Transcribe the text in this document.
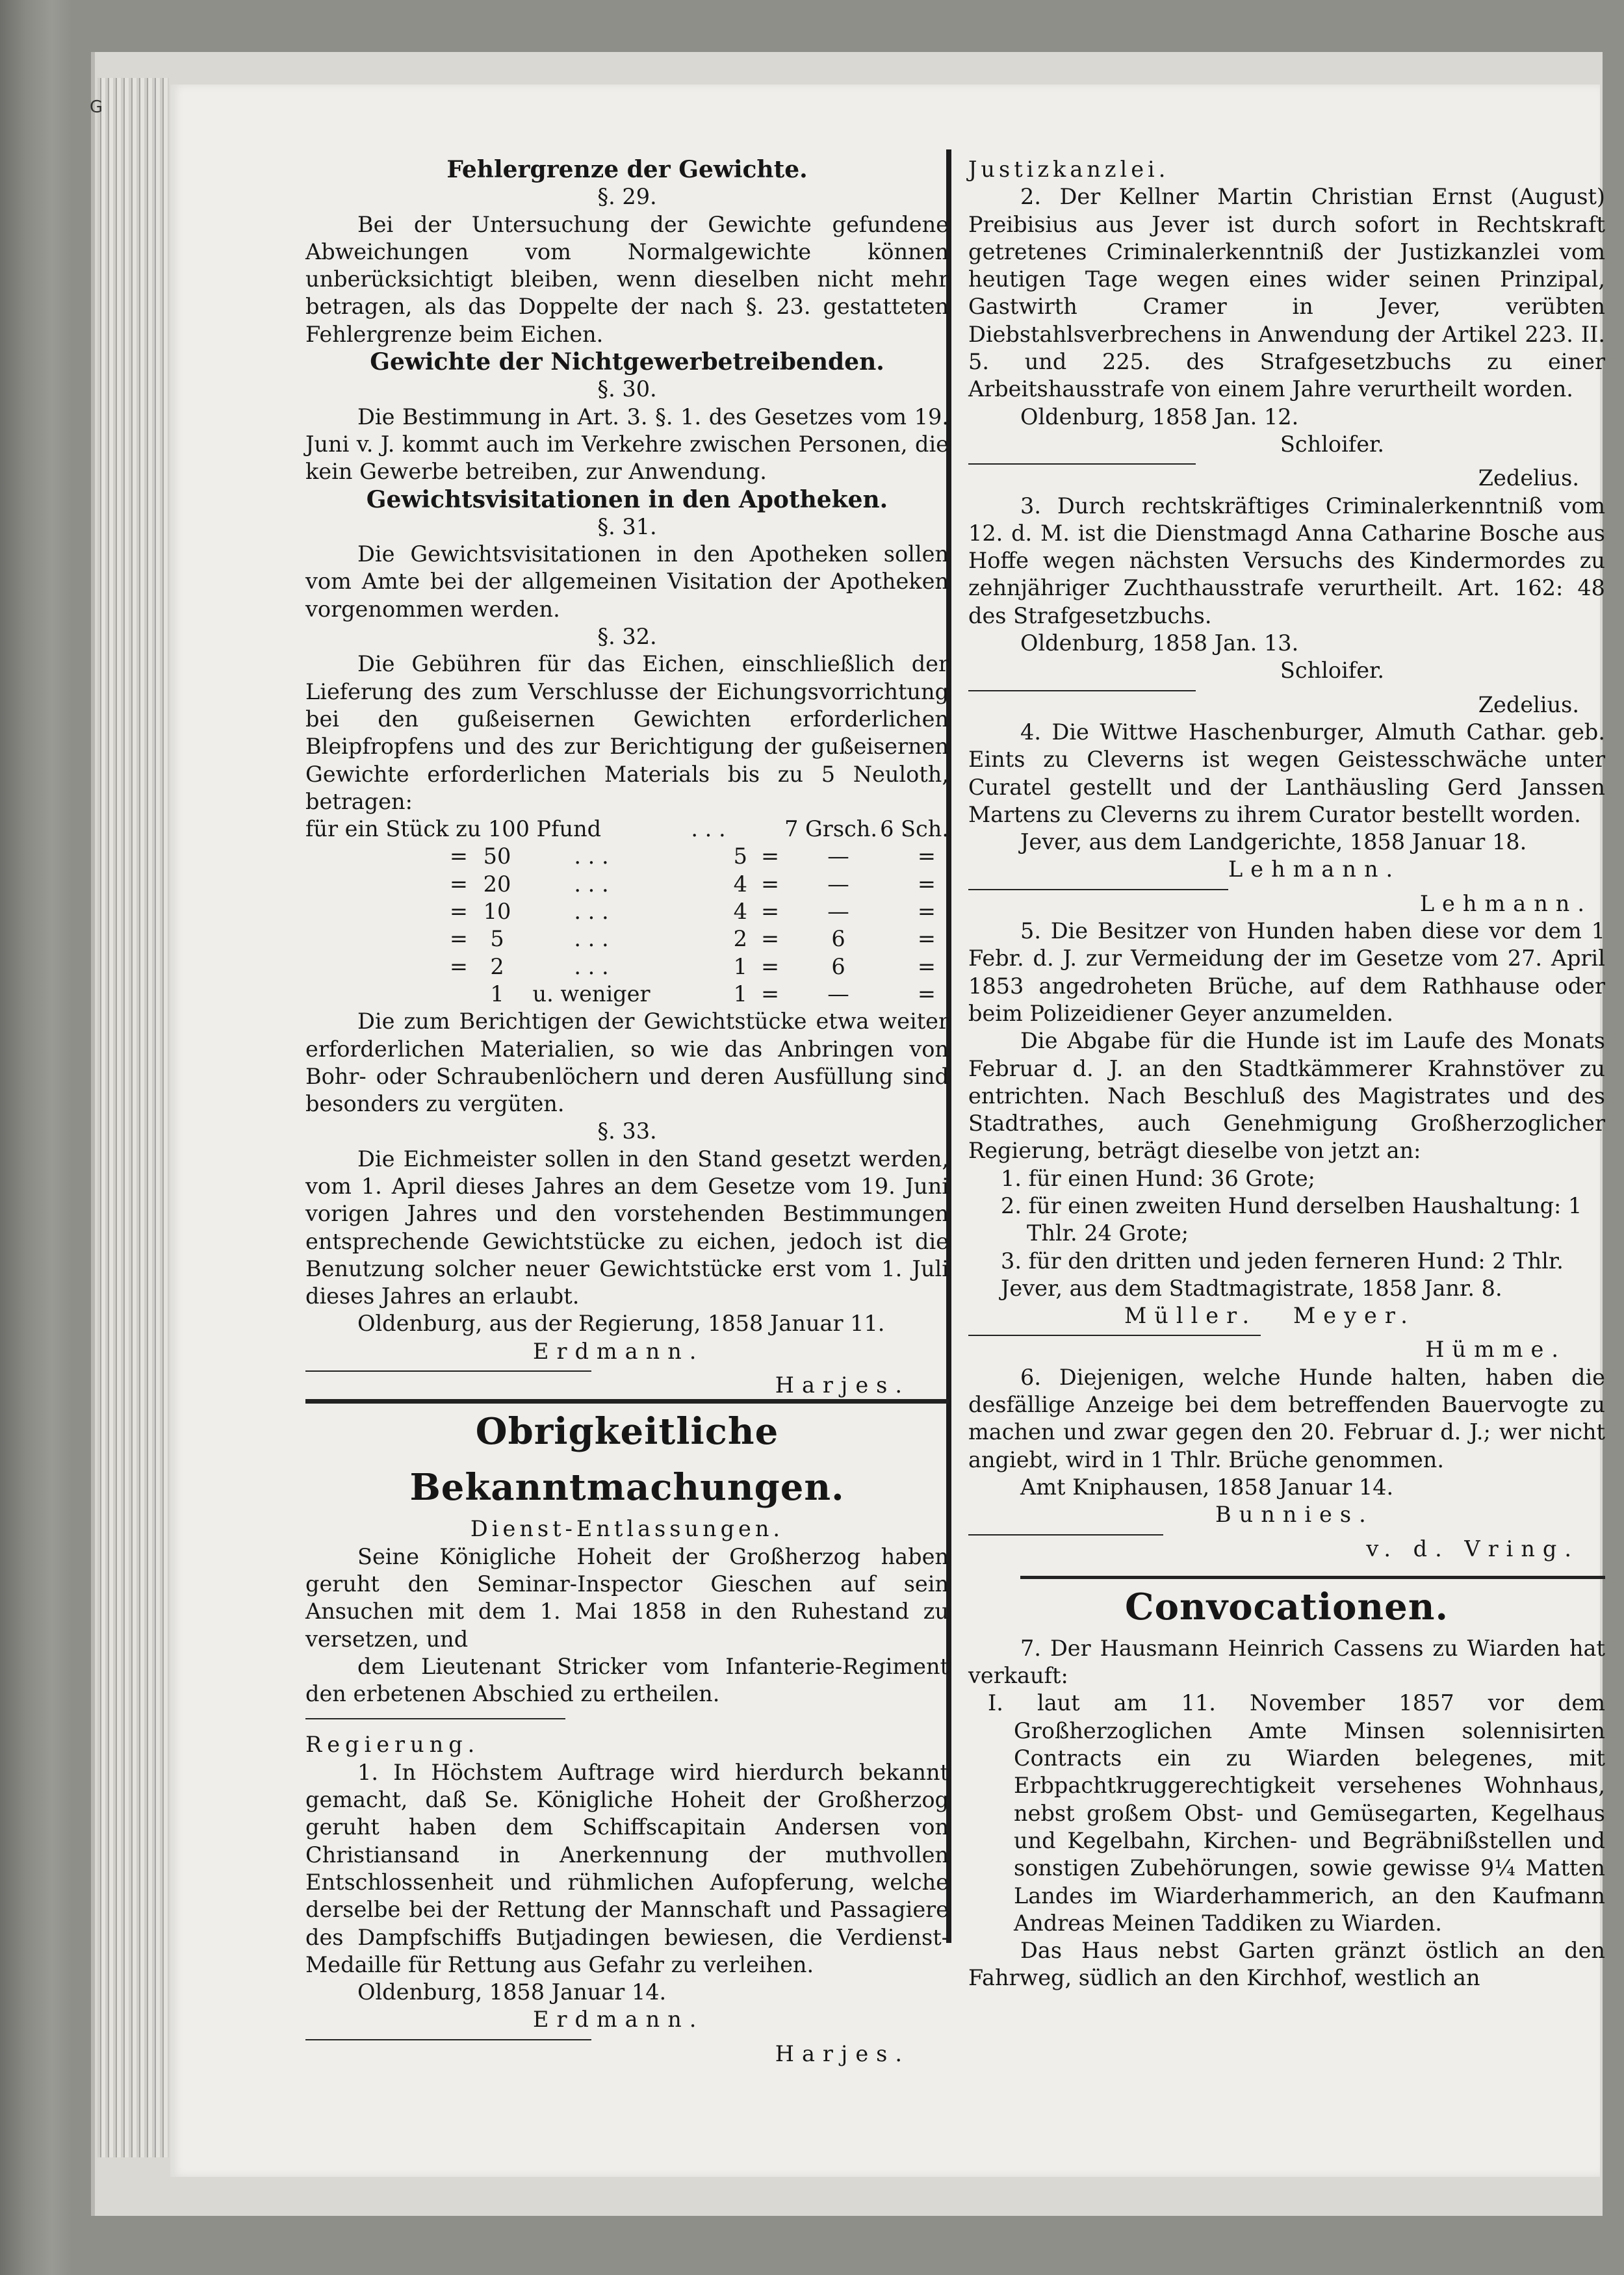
G
Fehlergrenze der Gewichte.
§. 29.

Bei der Untersuchung der Gewichte gefundene Abweichungen vom Normalgewichte können unberücksichtigt bleiben, wenn dieselben nicht mehr betragen, als das Doppelte der nach §. 23. gestatteten Fehlergrenze beim Eichen.

Gewichte der Nichtgewerbetreibenden.
§. 30.

Die Bestimmung in Art. 3. §. 1. des Gesetzes vom 19. Juni v. J. kommt auch im Verkehre zwischen Personen, die kein Gewerbe betreiben, zur Anwendung.

Gewichtsvisitationen in den Apotheken.
§. 31.

Die Gewichtsvisitationen in den Apotheken sollen vom Amte bei der allgemeinen Visitation der Apotheken vorgenommen werden.

§. 32.

Die Gebühren für das Eichen, einschließlich der Lieferung des zum Verschlusse der Eichungsvorrichtung bei den gußeisernen Gewichten erforderlichen Bleipfropfens und des zur Berichtigung der gußeisernen Gewichte erforderlichen Materials bis zu 5 Neuloth, betragen:

für ein Stück zu 100 Pfund	. . .	7 Grsch. 6 Sch.
= 50	. . .	5 =	—	=
= 20	. . .	4 =	—	=
= 10	. . .	4 =	—	=
=	5	. . .	2 =	6	=
=	2	. . .	1 =	6	=
1	u. weniger	1 =	—	=

Die zum Berichtigen der Gewichtstücke etwa weiter erforderlichen Materialien, so wie das Anbringen von Bohr- oder Schraubenlöchern und deren Ausfüllung sind besonders zu vergüten.

§. 33.

Die Eichmeister sollen in den Stand gesetzt werden, vom 1. April dieses Jahres an dem Gesetze vom 19. Juni vorigen Jahres und den vorstehenden Bestimmungen entsprechende Gewichtstücke zu eichen, jedoch ist die Benutzung solcher neuer Gewichtstücke erst vom 1. Juli dieses Jahres an erlaubt.

Oldenburg, aus der Regierung, 1858 Januar 11.

Erdmann.
Harjes.
Obrigkeitliche Bekanntmachungen.
Dienst-Entlassungen.

Seine Königliche Hoheit der Großherzog haben geruht den Seminar-Inspector Gieschen auf sein Ansuchen mit dem 1. Mai 1858 in den Ruhestand zu versetzen, und

dem Lieutenant Stricker vom Infanterie-Regiment den erbetenen Abschied zu ertheilen.

Regierung.

1. In Höchstem Auftrage wird hierdurch bekannt gemacht, daß Se. Königliche Hoheit der Großherzog geruht haben dem Schiffscapitain Andersen von Christiansand in Anerkennung der muthvollen Entschlossenheit und rühmlichen Aufopferung, welche derselbe bei der Rettung der Mannschaft und Passagiere des Dampfschiffs Butjadingen bewiesen, die Verdienst-Medaille für Rettung aus Gefahr zu verleihen.

Oldenburg, 1858 Januar 14.

Erdmann.
Harjes.
Justizkanzlei.

2. Der Kellner Martin Christian Ernst (August) Preibisius aus Jever ist durch sofort in Rechtskraft getretenes Criminalerkenntniß der Justizkanzlei vom heutigen Tage wegen eines wider seinen Prinzipal, Gastwirth Cramer in Jever, verübten Diebstahlsverbrechens in Anwendung der Artikel 223. II. 5. und 225. des Strafgesetzbuchs zu einer Arbeitshausstrafe von einem Jahre verurtheilt worden.

Oldenburg, 1858 Jan. 12.

Schloifer.
Zedelius.

3. Durch rechtskräftiges Criminalerkenntniß vom 12. d. M. ist die Dienstmagd Anna Catharine Bosche aus Hoffe wegen nächsten Versuchs des Kindermordes zu zehnjähriger Zuchthausstrafe verurtheilt. Art. 162: 48 des Strafgesetzbuchs.

Oldenburg, 1858 Jan. 13.

Schloifer.
Zedelius.

4. Die Wittwe Haschenburger, Almuth Cathar. geb. Eints zu Cleverns ist wegen Geistesschwäche unter Curatel gestellt und der Lanthäusling Gerd Janssen Martens zu Cleverns zu ihrem Curator bestellt worden.

Jever, aus dem Landgerichte, 1858 Januar 18.

Lehmann.
Lehmann.

5. Die Besitzer von Hunden haben diese vor dem 1 Febr. d. J. zur Vermeidung der im Gesetze vom 27. April 1853 angedroheten Brüche, auf dem Rathhause oder beim Polizeidiener Geyer anzumelden.

Die Abgabe für die Hunde ist im Laufe des Monats Februar d. J. an den Stadtkämmerer Krahnstöver zu entrichten. Nach Beschluß des Magistrates und des Stadtrathes, auch Genehmigung Großherzoglicher Regierung, beträgt dieselbe von jetzt an:

1. für einen Hund: 36 Grote;

2. für einen zweiten Hund derselben Haushaltung: 1 Thlr. 24 Grote;

3. für den dritten und jeden ferneren Hund: 2 Thlr.

Jever, aus dem Stadtmagistrate, 1858 Janr. 8.

Müller.	Meyer.
Hümme.

6. Diejenigen, welche Hunde halten, haben die desfällige Anzeige bei dem betreffenden Bauervogte zu machen und zwar gegen den 20. Februar d. J.; wer nicht angiebt, wird in 1 Thlr. Brüche genommen.

Amt Kniphausen, 1858 Januar 14.

Bunnies.
v. d. Vring.
Convocationen.

7. Der Hausmann Heinrich Cassens zu Wiarden hat verkauft:

I. laut am 11. November 1857 vor dem Großherzoglichen Amte Minsen solennisirten Contracts ein zu Wiarden belegenes, mit Erbpachtkruggerechtigkeit versehenes Wohnhaus, nebst großem Obst- und Gemüsegarten, Kegelhaus und Kegelbahn, Kirchen- und Begräbnißstellen und sonstigen Zubehörungen, sowie gewisse 9¼ Matten Landes im Wiarderhammerich, an den Kaufmann Andreas Meinen Taddiken zu Wiarden.

Das Haus nebst Garten gränzt östlich an den Fahrweg, südlich an den Kirchhof, westlich an
